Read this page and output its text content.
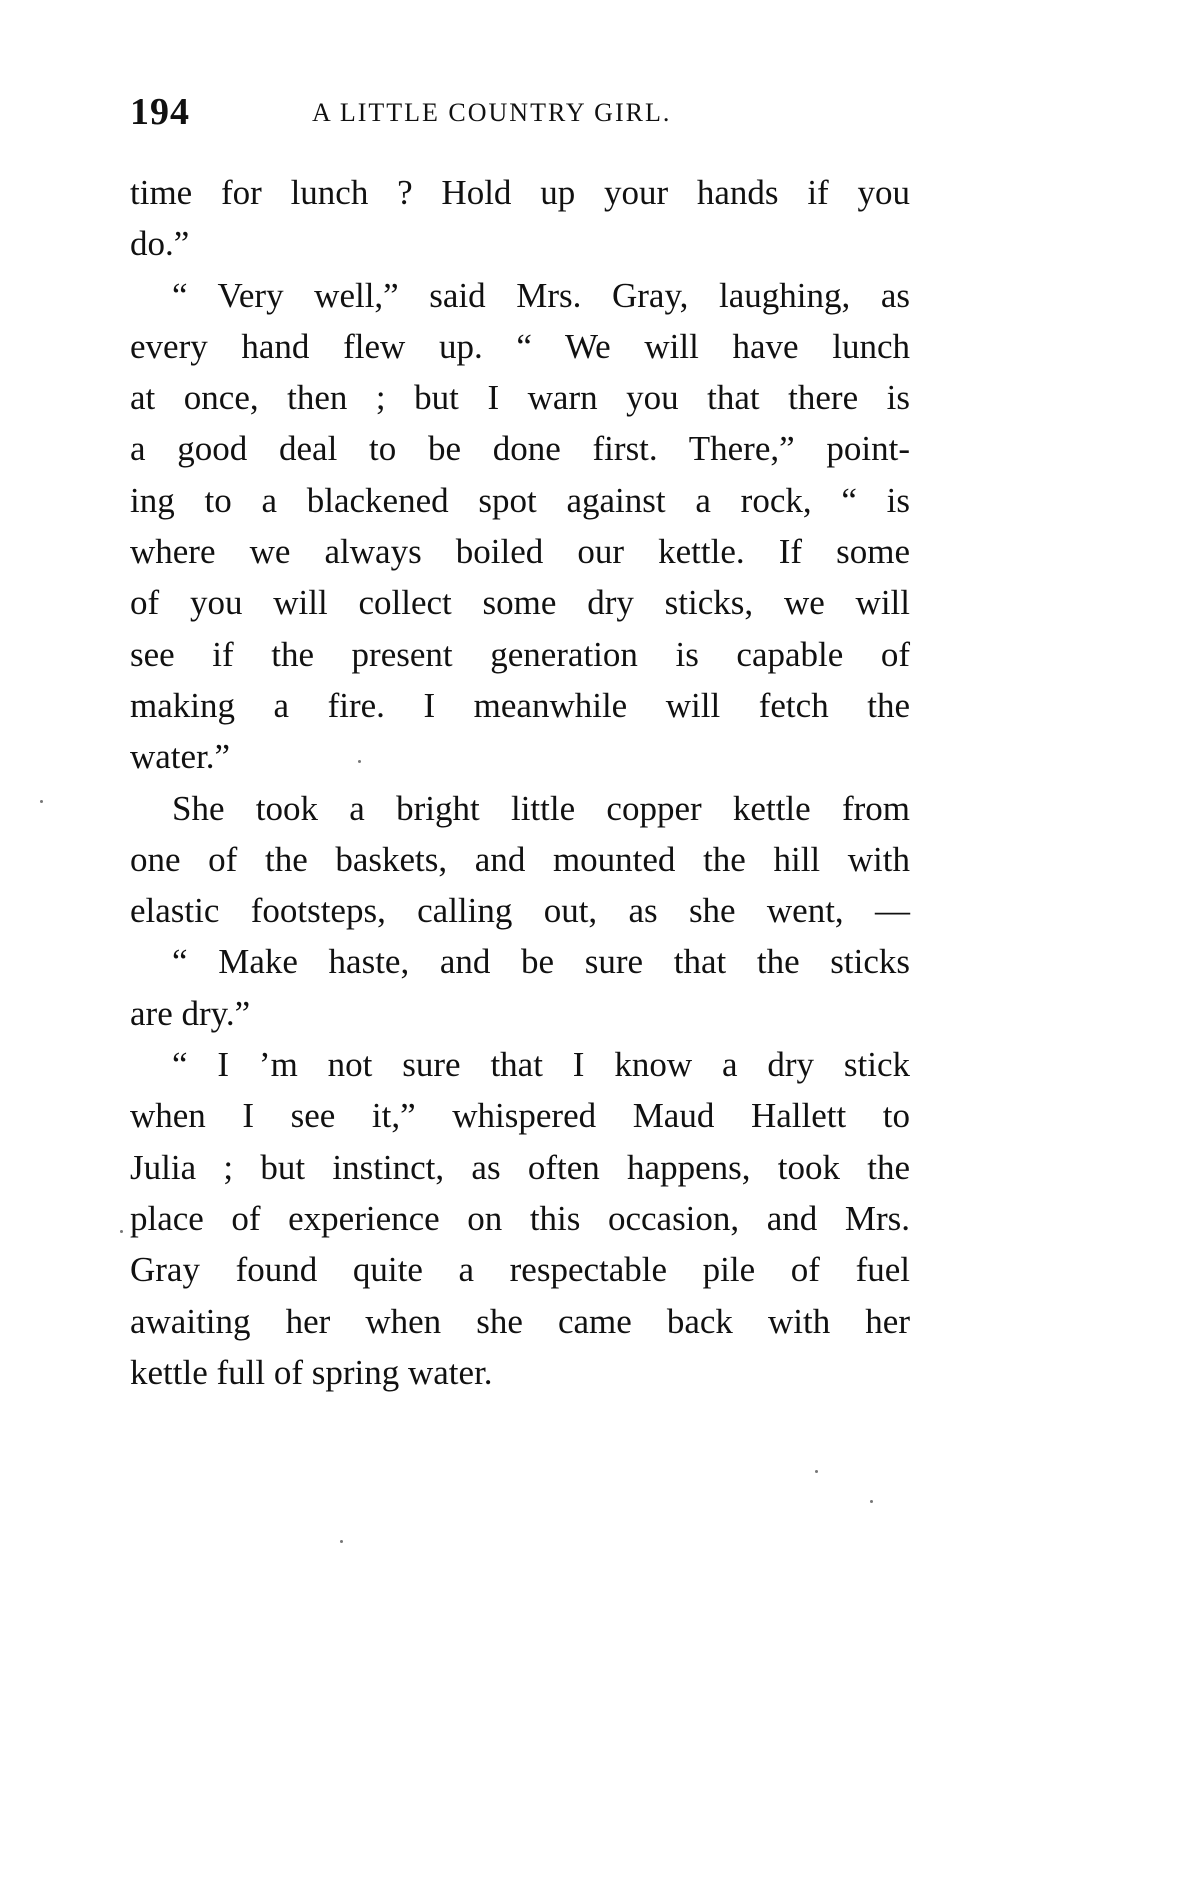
194	A LITTLE COUNTRY GIRL.
time for lunch ? Hold up your hands if you
do.”
“ Very well,” said Mrs. Gray, laughing, as
every hand flew up. “ We will have lunch
at once, then ; but I warn you that there is
a good deal to be done first. There,” point-
ing to a blackened spot against a rock, “ is
where we always boiled our kettle. If some
of you will collect some dry sticks, we will
see if the present generation is capable of
making a fire. I meanwhile will fetch the
water.”
She took a bright little copper kettle from
one of the baskets, and mounted the hill with
elastic footsteps, calling out, as she went, —
“ Make haste, and be sure that the sticks
are dry.”
“ I ’m not sure that I know a dry stick
when I see it,” whispered Maud Hallett to
Julia ; but instinct, as often happens, took the
place of experience on this occasion, and Mrs.
Gray found quite a respectable pile of fuel
awaiting her when she came back with her
kettle full of spring water.
